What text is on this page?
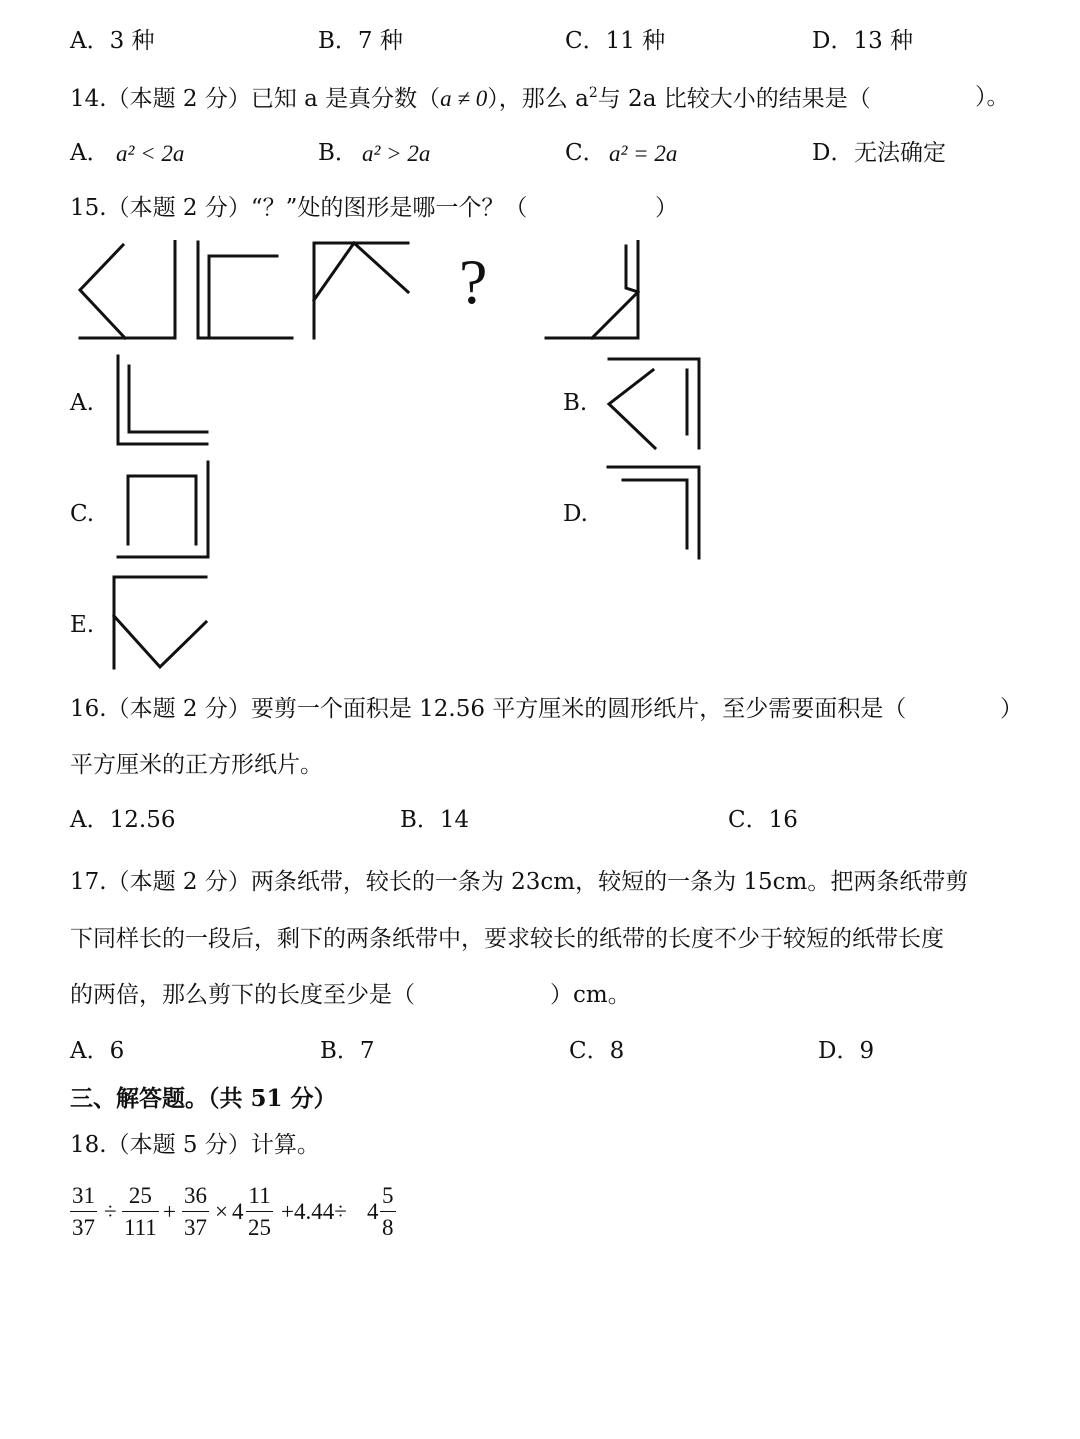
A．3 种	B．7 种	C．11 种	D．13 种
14.（本题 2 分）已知 a 是真分数（a ≠ 0），那么 $a^2$与 2a 比较大小的结果是（	）。
A． a² < 2a	B． a² > 2a	C． a² = 2a	D． 无法确定
15.（本题 2 分）“？”处的图形是哪一个？（	）
?
A.	B.
C.	D.
E.
16.（本题 2 分）要剪一个面积是 12.56 平方厘米的圆形纸片，至少需要面积是（	）
平方厘米的正方形纸片。
A．12.56	B．14	C．16
17.（本题 2 分）两条纸带，较长的一条为 23cm，较短的一条为 15cm。把两条纸带剪
下同样长的一段后，剩下的两条纸带中，要求较长的纸带的长度不少于较短的纸带长度
的两倍，那么剪下的长度至少是（	）cm。
A．6	B．7	C．8	D．9
三、解答题。（共 51 分）
18.（本题 5 分）计算。
$\frac{31}{37} \div \frac{25}{111} + \frac{36}{37} \times 4 \frac{11}{25} +4.44\div 4 \frac{5}{8}$
